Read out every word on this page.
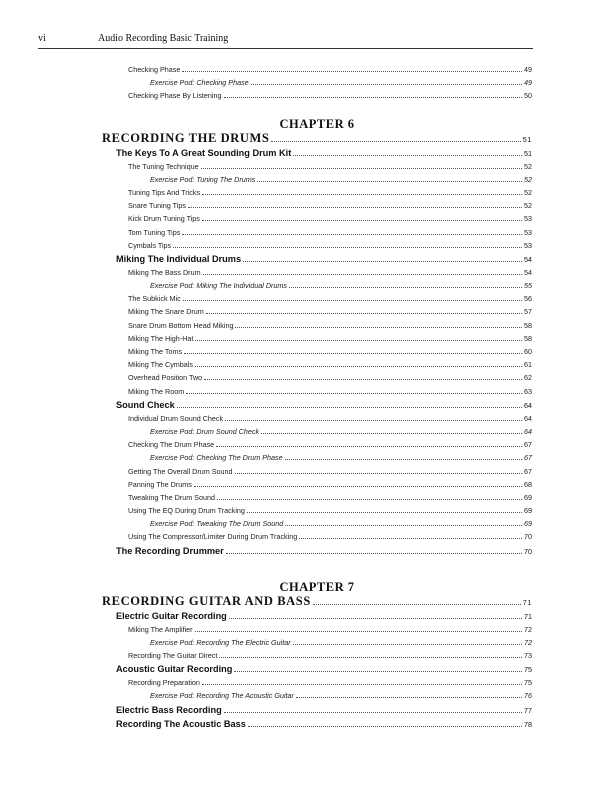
vi	Audio Recording Basic Training
Checking Phase	49
Exercise Pod: Checking Phase	49
Checking Phase By Listening	50
CHAPTER 6
RECORDING THE DRUMS	51
The Keys To A Great Sounding Drum Kit	51
The Tuning Technique	52
Exercise Pod: Tuning The Drums	52
Tuning Tips And Tricks	52
Snare Tuning Tips	52
Kick Drum Tuning Tips	53
Tom Tuning Tips	53
Cymbals Tips	53
Miking The Individual Drums	54
Miking The Bass Drum	54
Exercise Pod: Miking The Individual Drums	55
The Subkick Mic	56
Miking The Snare Drum	57
Snare Drum Bottom Head Miking	58
Miking The High-Hat	58
Miking The Toms	60
Miking The Cymbals	61
Overhead Position Two	62
Miking The Room	63
Sound Check	64
Individual Drum Sound Check	64
Exercise Pod: Drum Sound Check	64
Checking The Drum Phase	67
Exercise Pod: Checking The Drum Phase	67
Getting The Overall Drum Sound	67
Panning The Drums	68
Tweaking The Drum Sound	69
Using The EQ During Drum Tracking	69
Exercise Pod: Tweaking The Drum Sound	69
Using The Compressor/Limiter During Drum Tracking	70
The Recording Drummer	70
CHAPTER 7
RECORDING GUITAR AND BASS	71
Electric Guitar Recording	71
Miking The Amplifier	72
Exercise Pod: Recording The Electric Guitar	72
Recording The Guitar Direct	73
Acoustic Guitar Recording	75
Recording Preparation	75
Exercise Pod: Recording The Acoustic Guitar	76
Electric Bass Recording	77
Recording The Acoustic Bass	78
